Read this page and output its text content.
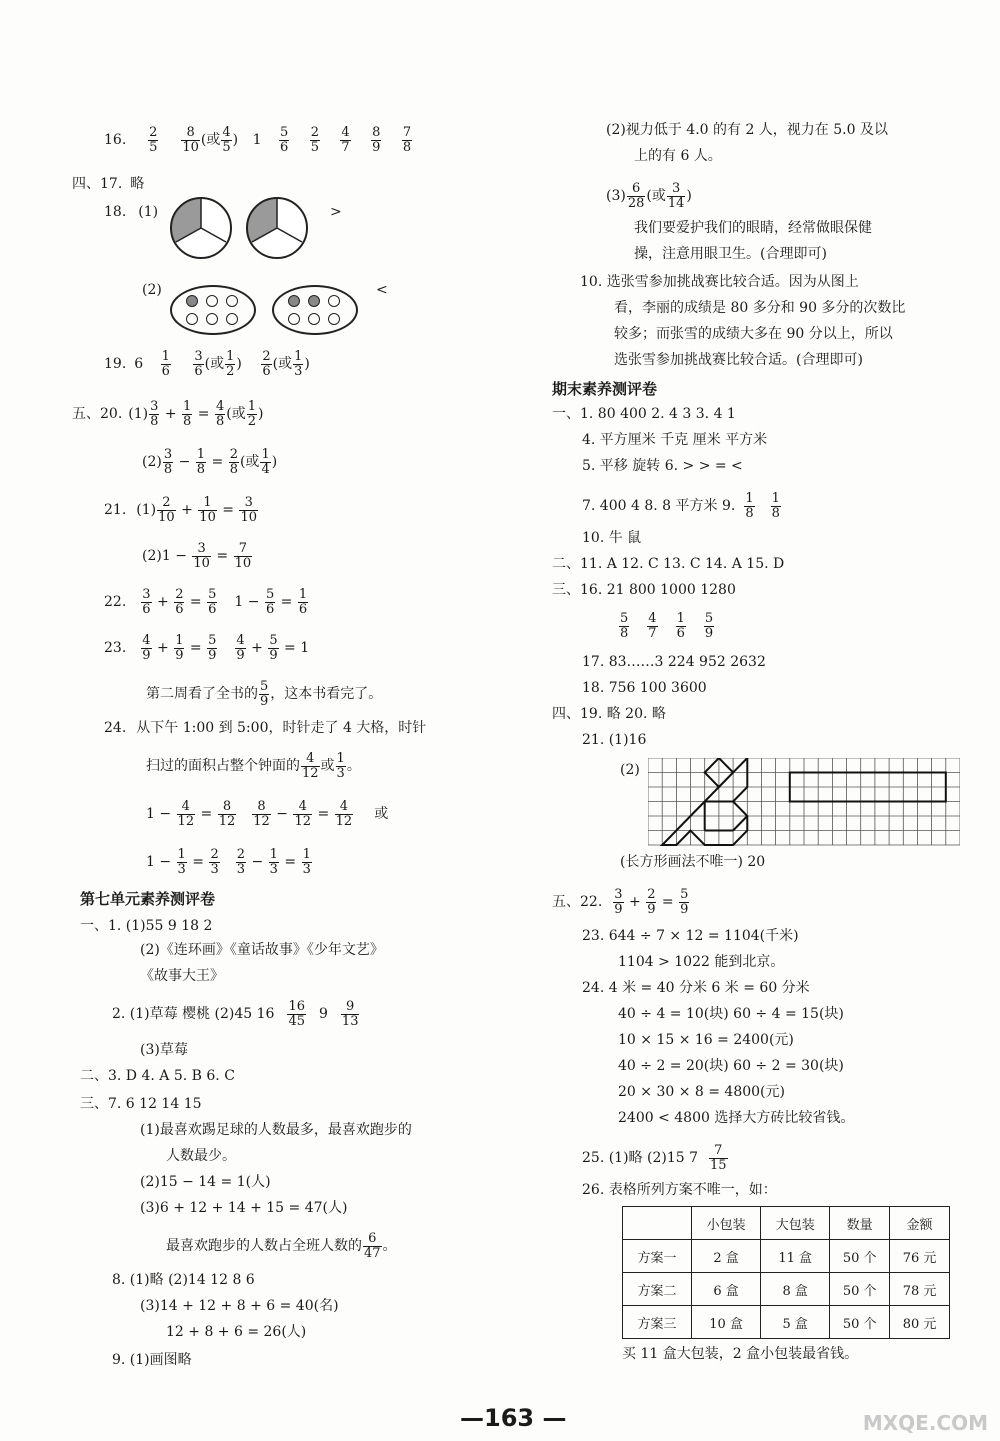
16. $\frac{2}{5}$
$\frac{8}{10}$ (或 $\frac{4}{5}$ ) $1 \frac{5}{6}$
$\frac{2}{5}$
$\frac{4}{7}$
$\frac{8}{9}$
$\frac{7}{8}$
四、17. 略
18. (1)	>
(2)	<
19. $6 \frac{1}{6}$
$\frac{3}{6}$ (或 $\frac{1}{2}$ ) $\frac{2}{6}$ (或 $\frac{1}{3}$ )
五、20. $(1) \frac{3}{8} + \frac{1}{8} = \frac{4}{8}$ (或 $\frac{1}{2}$ )
$(2) \frac{3}{8} - \frac{1}{8} = \frac{2}{8}$ (或 $\frac{1}{4}$ )
21. $(1) \frac{2}{10} + \frac{1}{10} = \frac{3}{10}$
$(2)1 - \frac{3}{10} = \frac{7}{10}$
22. $\frac{3}{6} + \frac{2}{6} = \frac{5}{6} 1 - \frac{5}{6} = \frac{1}{6}$
23. $\frac{4}{9} + \frac{1}{9} = \frac{5}{9} \frac{4}{9} + \frac{5}{9} = 1$
第二周看了全书的 $\frac{5}{9}$ ，这本书看完了。
24. 从下午 1:00 到 5:00，时针走了 4 大格，时针
扫过的面积占整个钟面的 $\frac{4}{12}$ 或 $\frac{1}{3}$ 。
$1 - \frac{4}{12} = \frac{8}{12} \frac{8}{12} - \frac{4}{12} = \frac{4}{12}$ 或
$1 - \frac{1}{3} = \frac{2}{3} \frac{2}{3} - \frac{1}{3} = \frac{1}{3}$
第七单元素养测评卷
一、1. (1)55 9 18 2
(2)《连环画》《童话故事》《少年文艺》
《故事大王》
2. (1)草莓 樱桃 (2)45 $16 \frac{16}{45} 9 \frac{9}{13}$
(3)草莓
二、3. D 4. A 5. B 6. C
三、7. 6 12 14 15
(1)最喜欢踢足球的人数最多，最喜欢跑步的
人数最少。
(2)15 − 14 = 1(人)
(3)6 + 12 + 14 + 15 = 47(人)
最喜欢跑步的人数占全班人数的 $\frac{6}{47}$ 。
8. (1)略 (2)14 12 8 6
(3)14 + 12 + 8 + 6 = 40(名)
12 + 8 + 6 = 26(人)
9. (1)画图略
(2)视力低于 4.0 的有 2 人，视力在 5.0 及以
上的有 6 人。
$(3) \frac{6}{28}$ (或 $\frac{3}{14}$ )
我们要爱护我们的眼睛，经常做眼保健
操，注意用眼卫生。(合理即可)
10. 选张雪参加挑战赛比较合适。因为从图上
看，李丽的成绩是 80 多分和 90 多分的次数比
较多；而张雪的成绩大多在 90 分以上，所以
选张雪参加挑战赛比较合适。(合理即可)
期末素养测评卷
一、1. 80 400 2. 4 3 3. 4 1
4. 平方厘米 千克 厘米 平方米
5. 平移 旋转 6. > > = <
7. 400 4 8. 8 平方米 9. $\frac{1}{8} \frac{1}{8}$
10. 牛 鼠
二、11. A 12. C 13. C 14. A 15. D
三、16. 21 800 1000 1280
$\frac{5}{8} \frac{4}{7} \frac{1}{6} \frac{5}{9}$
17. 83……3 224 952 2632
18. 756 100 3600
四、19. 略 20. 略
21. (1)16
(2)
(长方形画法不唯一) 20
五、22. $\frac{3}{9} + \frac{2}{9} = \frac{5}{9}$
23. 644 ÷ 7 × 12 = 1104(千米)
1104 > 1022 能到北京。
24. 4 米 = 40 分米 6 米 = 60 分米
40 ÷ 4 = 10(块) 60 ÷ 4 = 15(块)
10 × 15 × 16 = 2400(元)
40 ÷ 2 = 20(块) 60 ÷ 2 = 30(块)
20 × 30 × 8 = 4800(元)
2400 < 4800 选择大方砖比较省钱。
25. (1)略 (2)15 $7 \frac{7}{15}$
26. 表格所列方案不唯一，如：
	小包装	大包装	数量	金额
方案一	2 盒	11 盒	50 个	76 元
方案二	6 盒	8 盒	50 个	78 元
方案三	10 盒	5 盒	50 个	80 元
买 11 盒大包装，2 盒小包装最省钱。
—163 —	MXQE.COM
